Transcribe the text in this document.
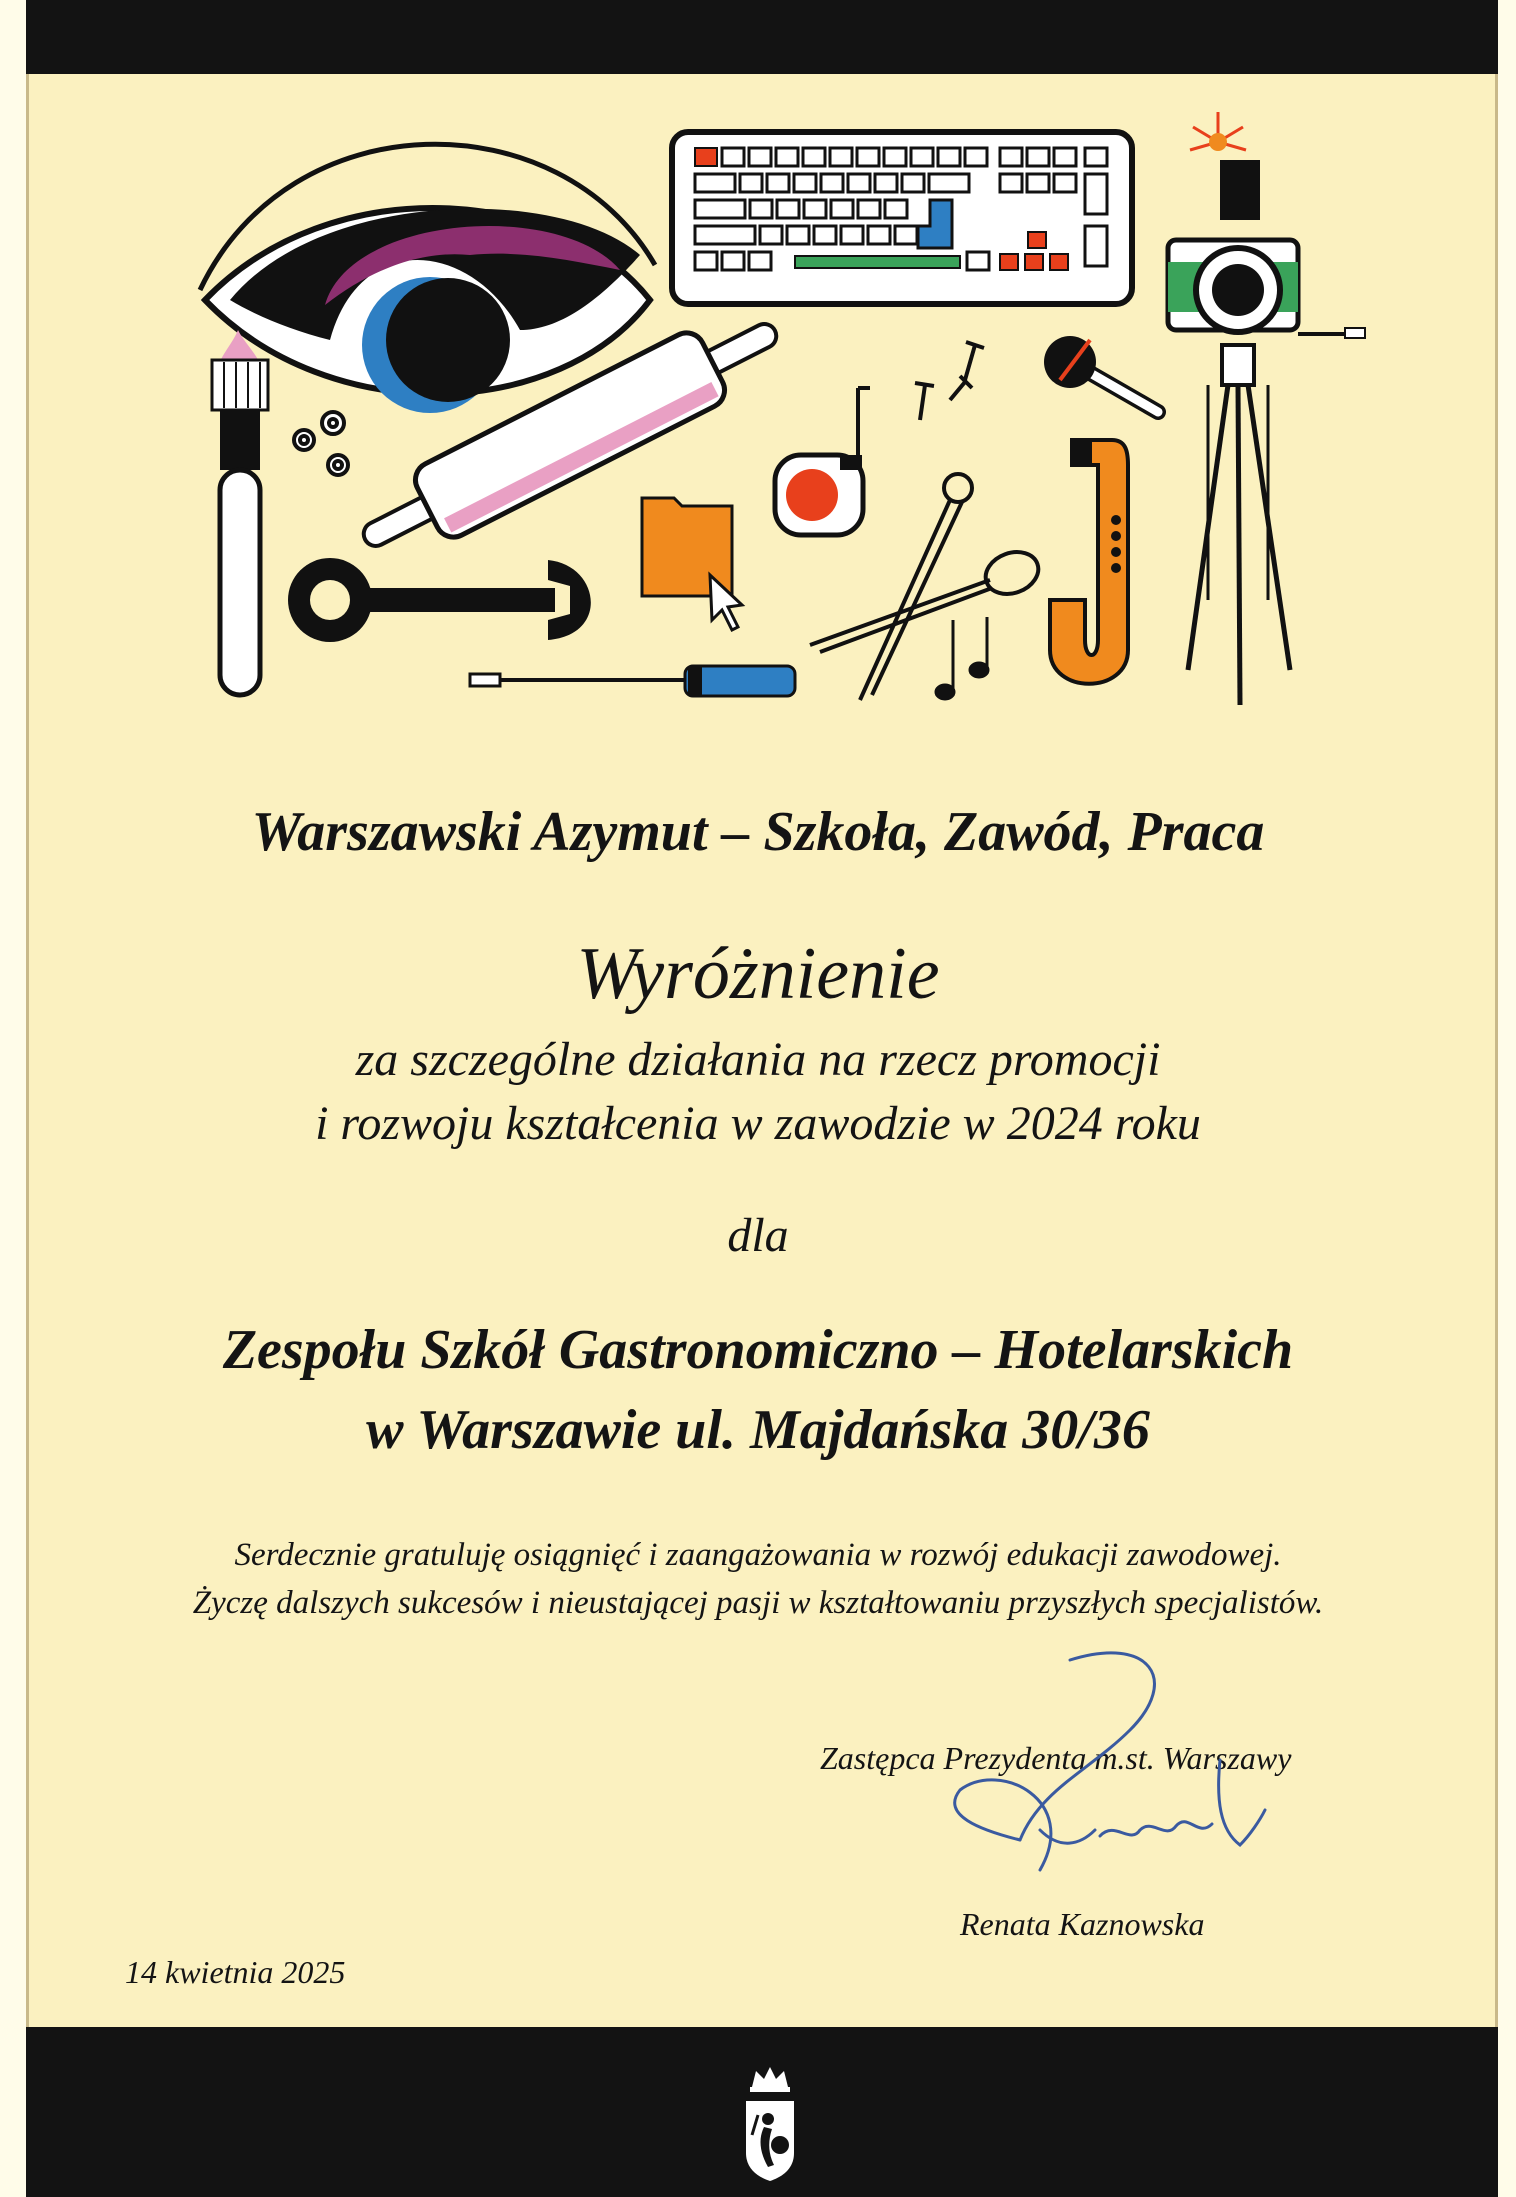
Warszawski Azymut – Szkoła, Zawód, Praca
Wyróżnienie
za szczególne działania na rzecz promocji
i rozwoju kształcenia w zawodzie w 2024 roku
dla
Zespołu Szkół Gastronomiczno – Hotelarskich
w Warszawie ul. Majdańska 30/36
Serdecznie gratuluję osiągnięć i zaangażowania w rozwój edukacji zawodowej.
Życzę dalszych sukcesów i nieustającej pasji w kształtowaniu przyszłych specjalistów.
Zastępca Prezydenta m.st. Warszawy
Renata Kaznowska
14 kwietnia 2025
